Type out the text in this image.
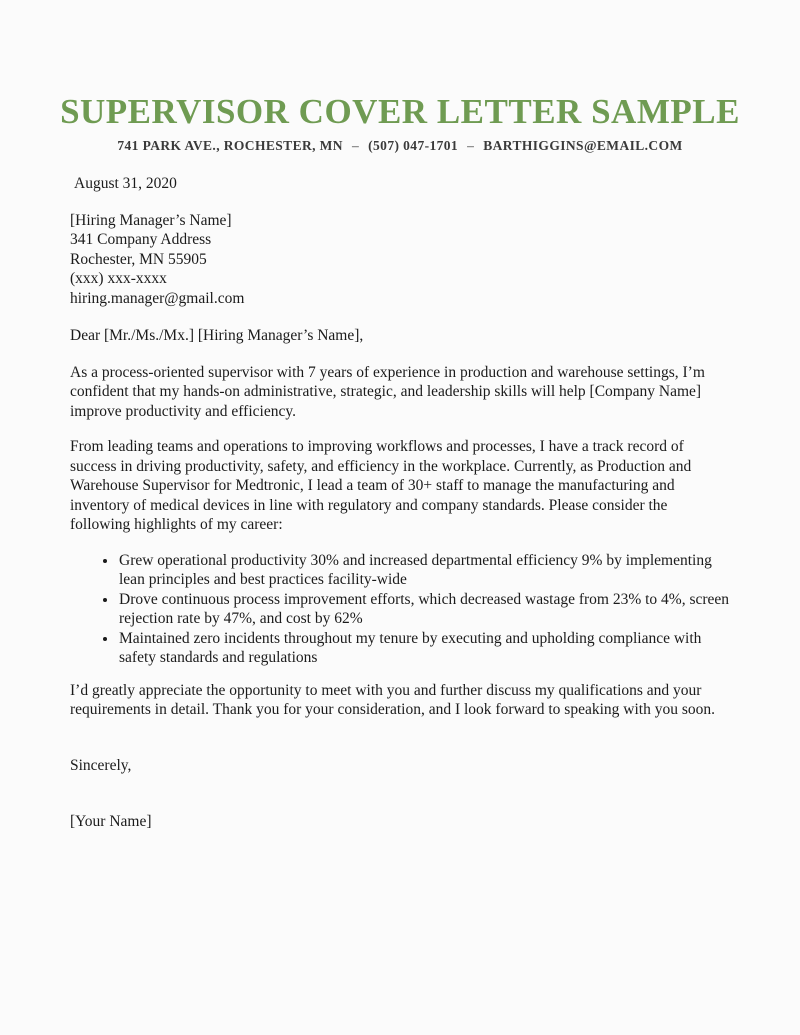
SUPERVISOR COVER LETTER SAMPLE
741 PARK AVE., ROCHESTER, MN – (507) 047-1701 – BARTHIGGINS@EMAIL.COM
August 31, 2020
[Hiring Manager’s Name]
341 Company Address
Rochester, MN 55905
(xxx) xxx-xxxx
hiring.manager@gmail.com
Dear [Mr./Ms./Mx.] [Hiring Manager’s Name],

As a process-oriented supervisor with 7 years of experience in production and warehouse settings, I’m confident that my hands-on administrative, strategic, and leadership skills will help [Company Name] improve productivity and efficiency.

From leading teams and operations to improving workflows and processes, I have a track record of success in driving productivity, safety, and efficiency in the workplace. Currently, as Production and Warehouse Supervisor for Medtronic, I lead a team of 30+ staff to manage the manufacturing and inventory of medical devices in line with regulatory and company standards. Please consider the following highlights of my career:

• Grew operational productivity 30% and increased departmental efficiency 9% by implementing lean principles and best practices facility-wide
• Drove continuous process improvement efforts, which decreased wastage from 23% to 4%, screen rejection rate by 47%, and cost by 62%
• Maintained zero incidents throughout my tenure by executing and upholding compliance with safety standards and regulations

I’d greatly appreciate the opportunity to meet with you and further discuss my qualifications and your requirements in detail. Thank you for your consideration, and I look forward to speaking with you soon.

Sincerely,
[Your Name]
